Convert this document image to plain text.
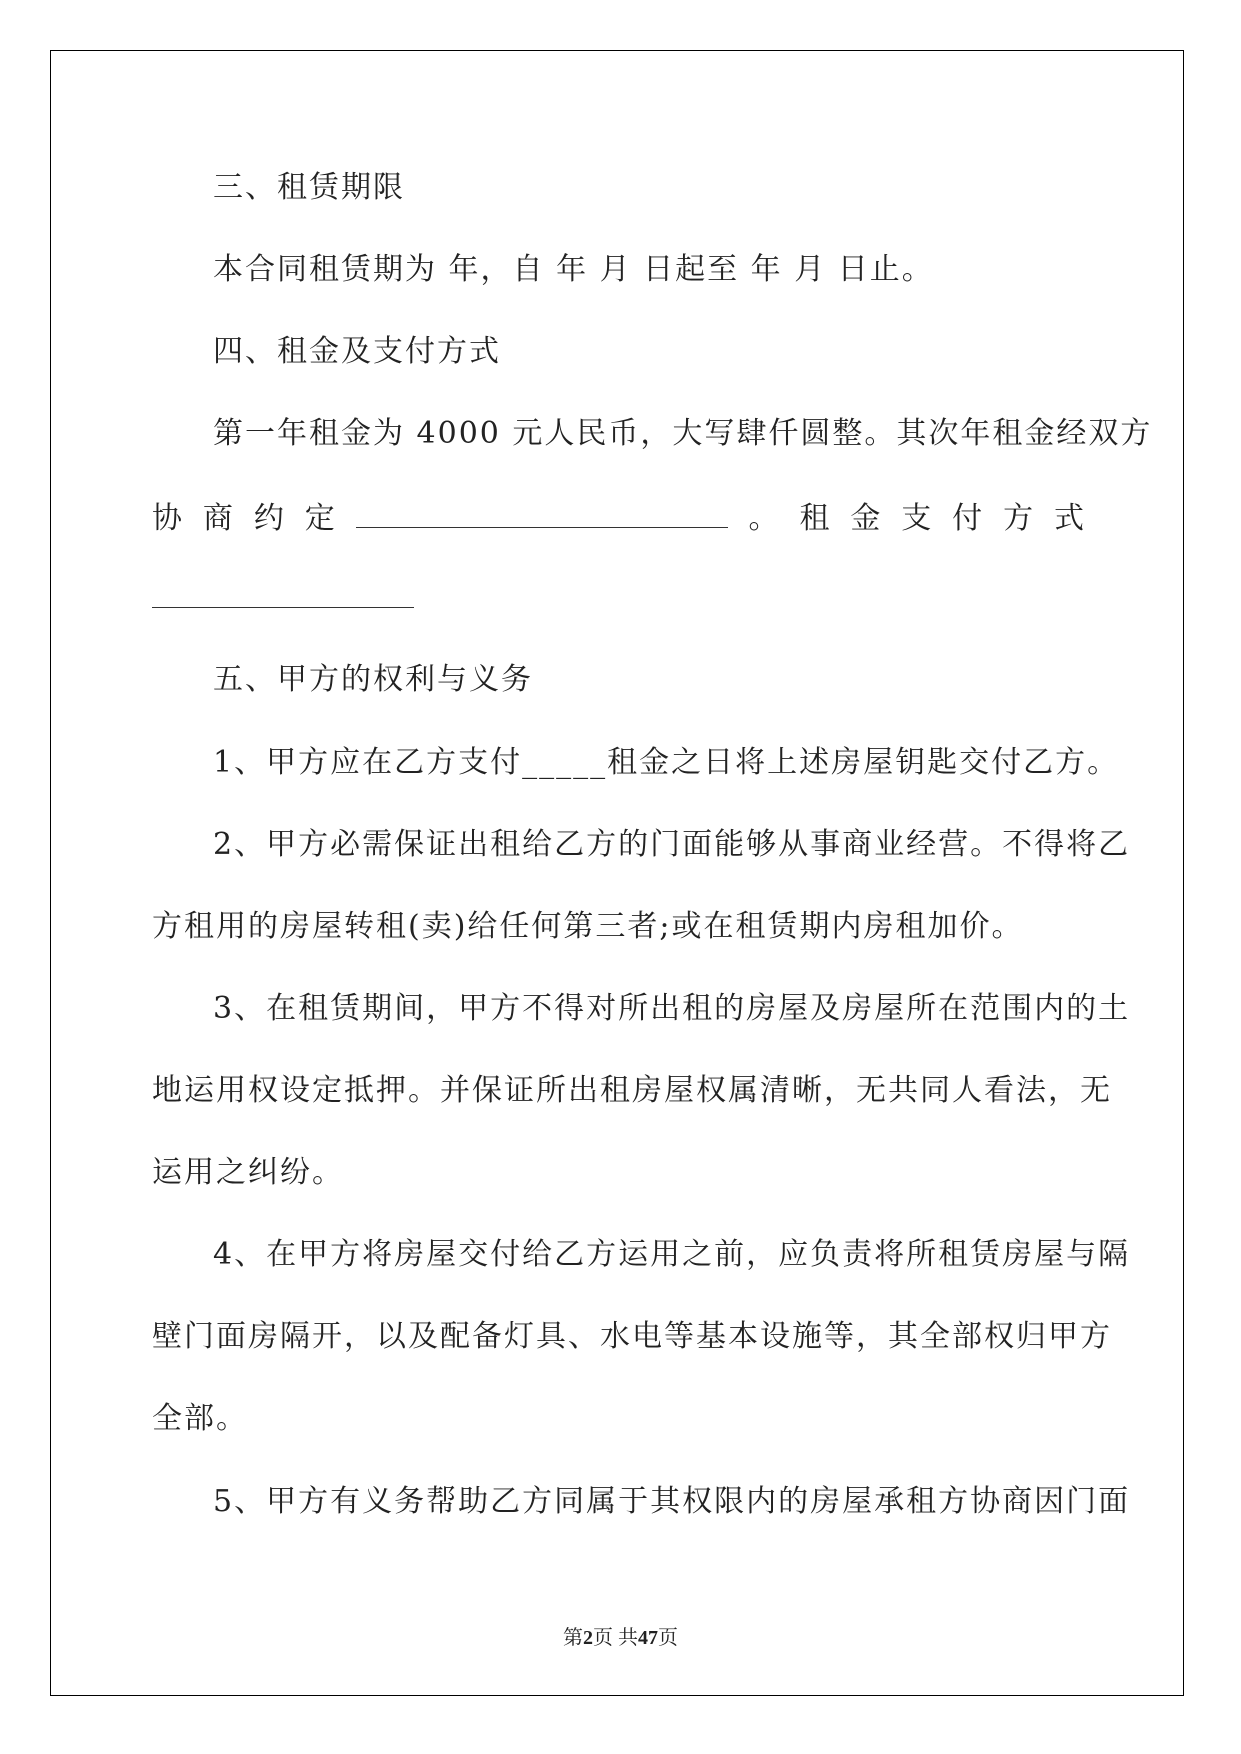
三、租赁期限
本合同租赁期为 年，自 年 月 日起至 年 月 日止。
四、租金及支付方式
第一年租金为 4000 元人民币，大写肆仟圆整。其次年租金经双方
协 商 约 定	。 租 金 支 付 方 式
五、甲方的权利与义务
1、甲方应在乙方支付_____租金之日将上述房屋钥匙交付乙方。
2、甲方必需保证出租给乙方的门面能够从事商业经营。不得将乙
方租用的房屋转租(卖)给任何第三者;或在租赁期内房租加价。
3、在租赁期间，甲方不得对所出租的房屋及房屋所在范围内的土
地运用权设定抵押。并保证所出租房屋权属清晰，无共同人看法，无
运用之纠纷。
4、在甲方将房屋交付给乙方运用之前，应负责将所租赁房屋与隔
壁门面房隔开，以及配备灯具、水电等基本设施等，其全部权归甲方
全部。
5、甲方有义务帮助乙方同属于其权限内的房屋承租方协商因门面
第2页 共47页
